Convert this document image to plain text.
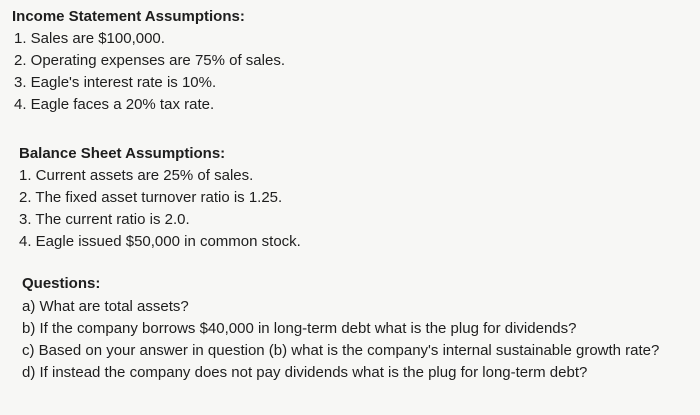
Income Statement Assumptions:
1. Sales are $100,000.
2. Operating expenses are 75% of sales.
3. Eagle's interest rate is 10%.
4. Eagle faces a 20% tax rate.
Balance Sheet Assumptions:
1. Current assets are 25% of sales.
2. The fixed asset turnover ratio is 1.25.
3. The current ratio is 2.0.
4. Eagle issued $50,000 in common stock.
Questions:
a) What are total assets?
b) If the company borrows $40,000 in long-term debt what is the plug for dividends?
c) Based on your answer in question (b) what is the company's internal sustainable growth rate?
d) If instead the company does not pay dividends what is the plug for long-term debt?
